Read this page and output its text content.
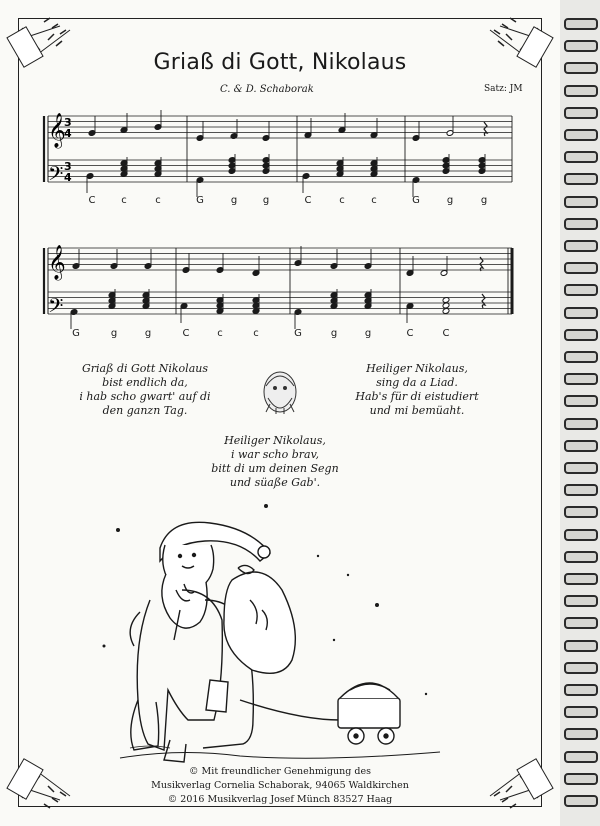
Griaß di Gott, Nikolaus
C. & D. Schaborak	Satz: JM
𝄞
𝄢
3
4
3
4
𝄞
𝄢
C	c	c	G	g	g	C	c	c	G	g	g
G	g	g	C	c	c	G	g	g	C	C
Griaß di Gott Nikolaus
bist endlich da,
i hab scho gwart' auf di
den ganzn Tag.
Heiliger Nikolaus,
sing da a Liad.
Hab's für di eistudiert
und mi bemüaht.
Heiliger Nikolaus,
i war scho brav,
bitt di um deinen Segn
und süaße Gab'.
© Mit freundlicher Genehmigung des
Musikverlag Cornelia Schaborak, 94065 Waldkirchen
© 2016 Musikverlag Josef Münch 83527 Haag
